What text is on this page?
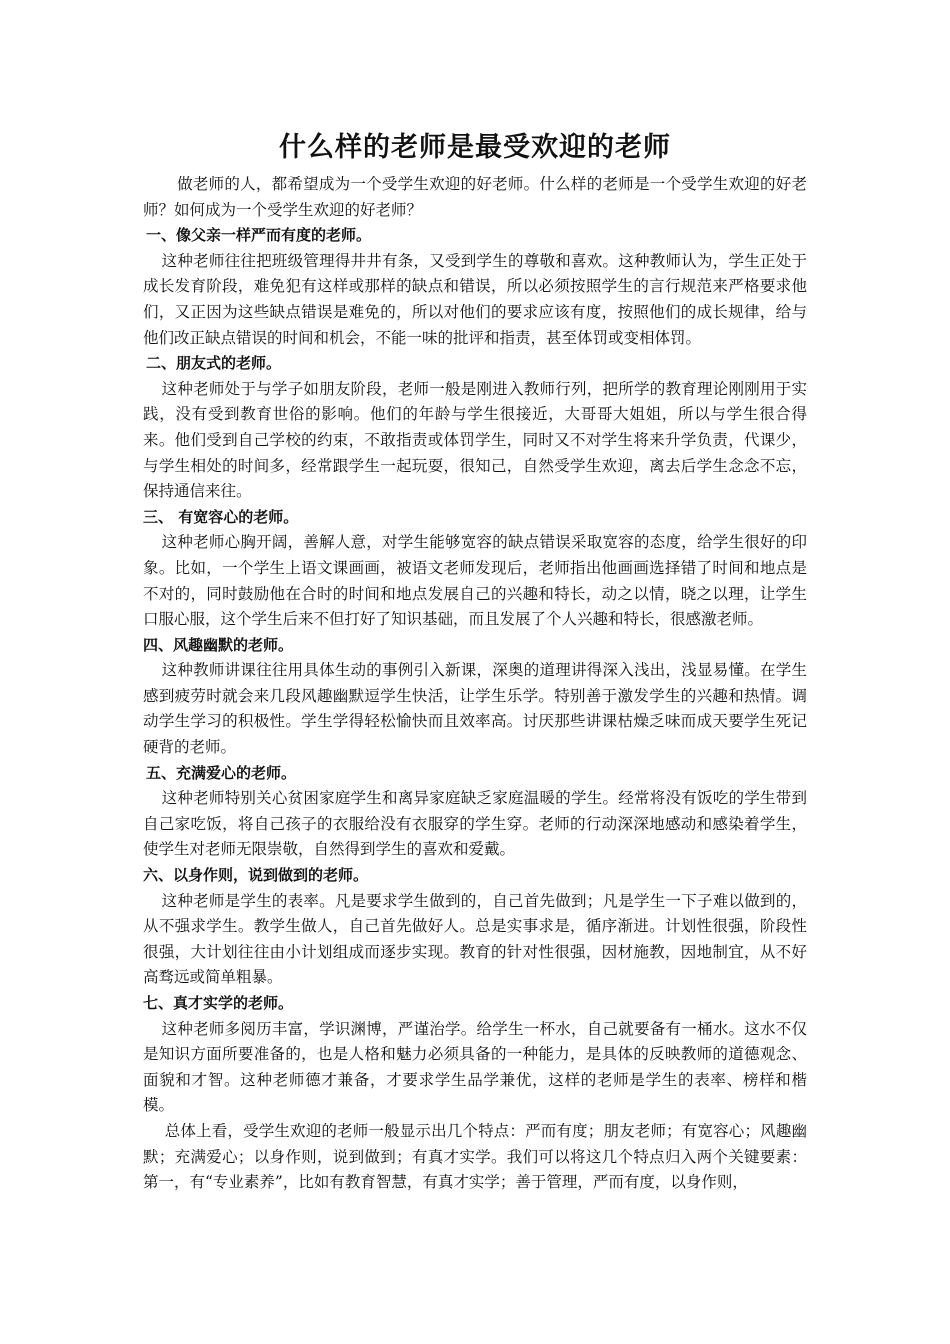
什么样的老师是最受欢迎的老师

做老师的人，都希望成为一个受学生欢迎的好老师。什么样的老师是一个受学生欢迎的好老师？如何成为一个受学生欢迎的好老师？

一、像父亲一样严而有度的老师。

这种老师往往把班级管理得井井有条，又受到学生的尊敬和喜欢。这种教师认为，学生正处于成长发育阶段，难免犯有这样或那样的缺点和错误，所以必须按照学生的言行规范来严格要求他们，又正因为这些缺点错误是难免的，所以对他们的要求应该有度，按照他们的成长规律，给与他们改正缺点错误的时间和机会，不能一味的批评和指责，甚至体罚或变相体罚。

二、朋友式的老师。

这种老师处于与学子如朋友阶段，老师一般是刚进入教师行列，把所学的教育理论刚刚用于实践，没有受到教育世俗的影响。他们的年龄与学生很接近，大哥哥大姐姐，所以与学生很合得来。他们受到自己学校的约束，不敢指责或体罚学生，同时又不对学生将来升学负责，代课少，与学生相处的时间多，经常跟学生一起玩耍，很知己，自然受学生欢迎，离去后学生念念不忘，保持通信来往。

三、 有宽容心的老师。

这种老师心胸开阔，善解人意，对学生能够宽容的缺点错误采取宽容的态度，给学生很好的印象。比如，一个学生上语文课画画，被语文老师发现后，老师指出他画画选择错了时间和地点是不对的，同时鼓励他在合时的时间和地点发展自己的兴趣和特长，动之以情，晓之以理，让学生口服心服，这个学生后来不但打好了知识基础，而且发展了个人兴趣和特长，很感激老师。

四、风趣幽默的老师。

这种教师讲课往往用具体生动的事例引入新课，深奥的道理讲得深入浅出，浅显易懂。在学生感到疲劳时就会来几段风趣幽默逗学生快活，让学生乐学。特别善于激发学生的兴趣和热情。调动学生学习的积极性。学生学得轻松愉快而且效率高。讨厌那些讲课枯燥乏味而成天要学生死记硬背的老师。

五、充满爱心的老师。

这种老师特别关心贫困家庭学生和离异家庭缺乏家庭温暖的学生。经常将没有饭吃的学生带到自己家吃饭，将自己孩子的衣服给没有衣服穿的学生穿。老师的行动深深地感动和感染着学生，使学生对老师无限崇敬，自然得到学生的喜欢和爱戴。

六、以身作则，说到做到的老师。

这种老师是学生的表率。凡是要求学生做到的，自己首先做到；凡是学生一下子难以做到的，从不强求学生。教学生做人，自己首先做好人。总是实事求是，循序渐进。计划性很强，阶段性很强，大计划往往由小计划组成而逐步实现。教育的针对性很强，因材施教，因地制宜，从不好高骛远或简单粗暴。

七、真才实学的老师。

这种老师多阅历丰富，学识渊博，严谨治学。给学生一杯水，自己就要备有一桶水。这水不仅是知识方面所要准备的，也是人格和魅力必须具备的一种能力，是具体的反映教师的道德观念、面貌和才智。这种老师德才兼备，才要求学生品学兼优，这样的老师是学生的表率、榜样和楷模。

总体上看，受学生欢迎的老师一般显示出几个特点：严而有度；朋友老师；有宽容心；风趣幽默；充满爱心；以身作则，说到做到；有真才实学。我们可以将这几个特点归入两个关键要素：第一，有“专业素养”，比如有教育智慧，有真才实学；善于管理，严而有度，以身作则，
